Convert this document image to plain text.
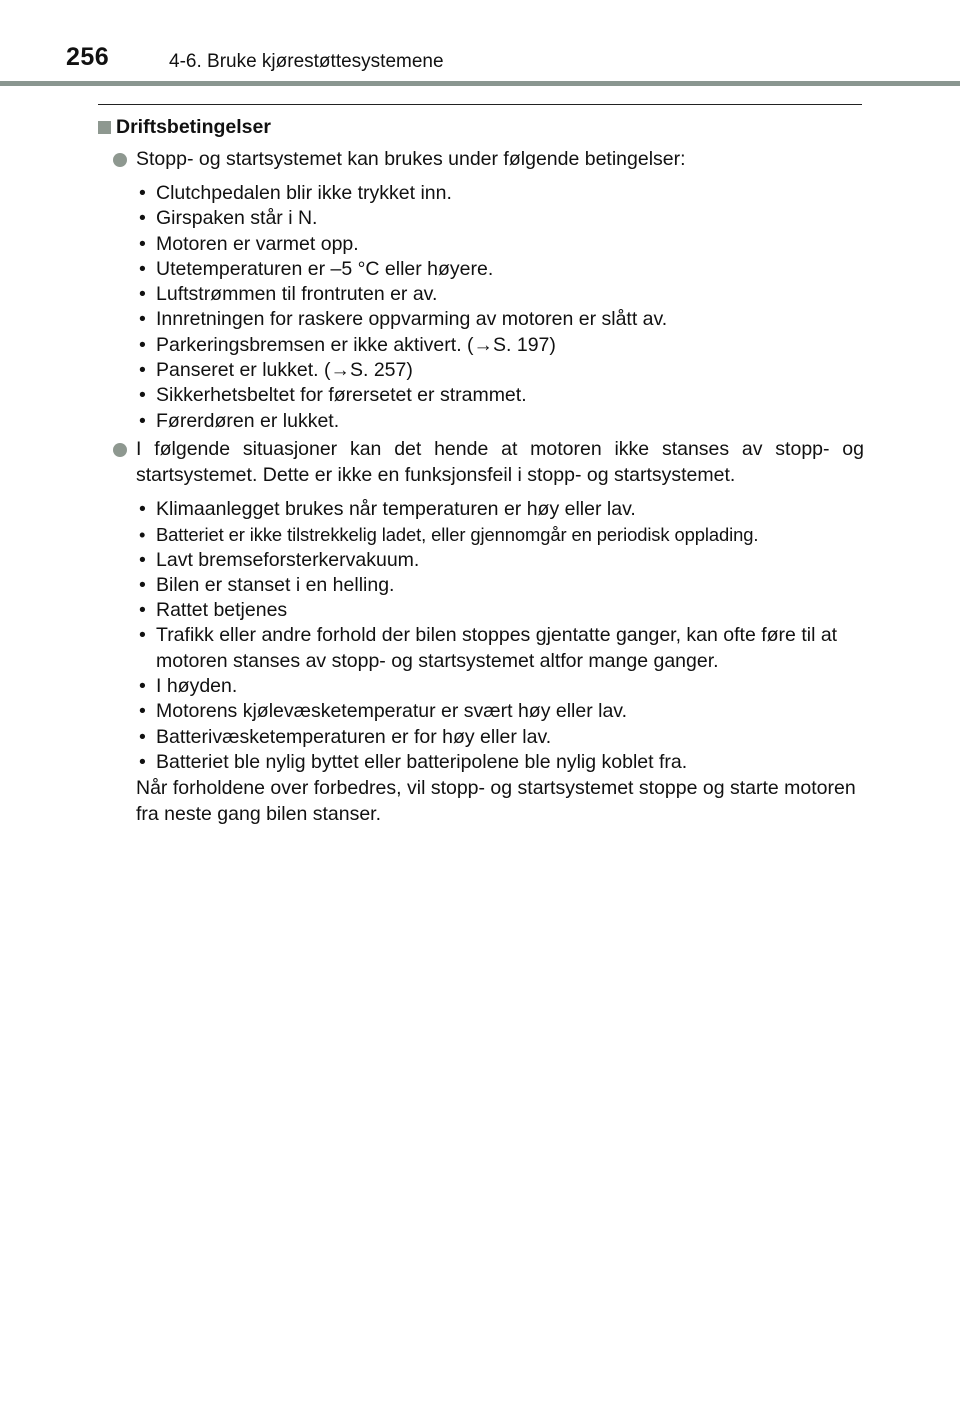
256	4-6. Bruke kjørestøttesystemene
Driftsbetingelser
Stopp- og startsystemet kan brukes under følgende betingelser:
• Clutchpedalen blir ikke trykket inn.
• Girspaken står i N.
• Motoren er varmet opp.
• Utetemperaturen er –5 °C eller høyere.
• Luftstrømmen til frontruten er av.
• Innretningen for raskere oppvarming av motoren er slått av.
• Parkeringsbremsen er ikke aktivert. (→S. 197)
• Panseret er lukket. (→S. 257)
• Sikkerhetsbeltet for førersetet er strammet.
• Førerdøren er lukket.
I følgende situasjoner kan det hende at motoren ikke stanses av stopp- og startsystemet. Dette er ikke en funksjonsfeil i stopp- og startsystemet.
• Klimaanlegget brukes når temperaturen er høy eller lav.
• Batteriet er ikke tilstrekkelig ladet, eller gjennomgår en periodisk opplading.
• Lavt bremseforsterkervakuum.
• Bilen er stanset i en helling.
• Rattet betjenes
• Trafikk eller andre forhold der bilen stoppes gjentatte ganger, kan ofte føre til at motoren stanses av stopp- og startsystemet altfor mange ganger.
• I høyden.
• Motorens kjølevæsketemperatur er svært høy eller lav.
• Batterivæsketemperaturen er for høy eller lav.
• Batteriet ble nylig byttet eller batteripolene ble nylig koblet fra.
Når forholdene over forbedres, vil stopp- og startsystemet stoppe og starte motoren fra neste gang bilen stanser.
